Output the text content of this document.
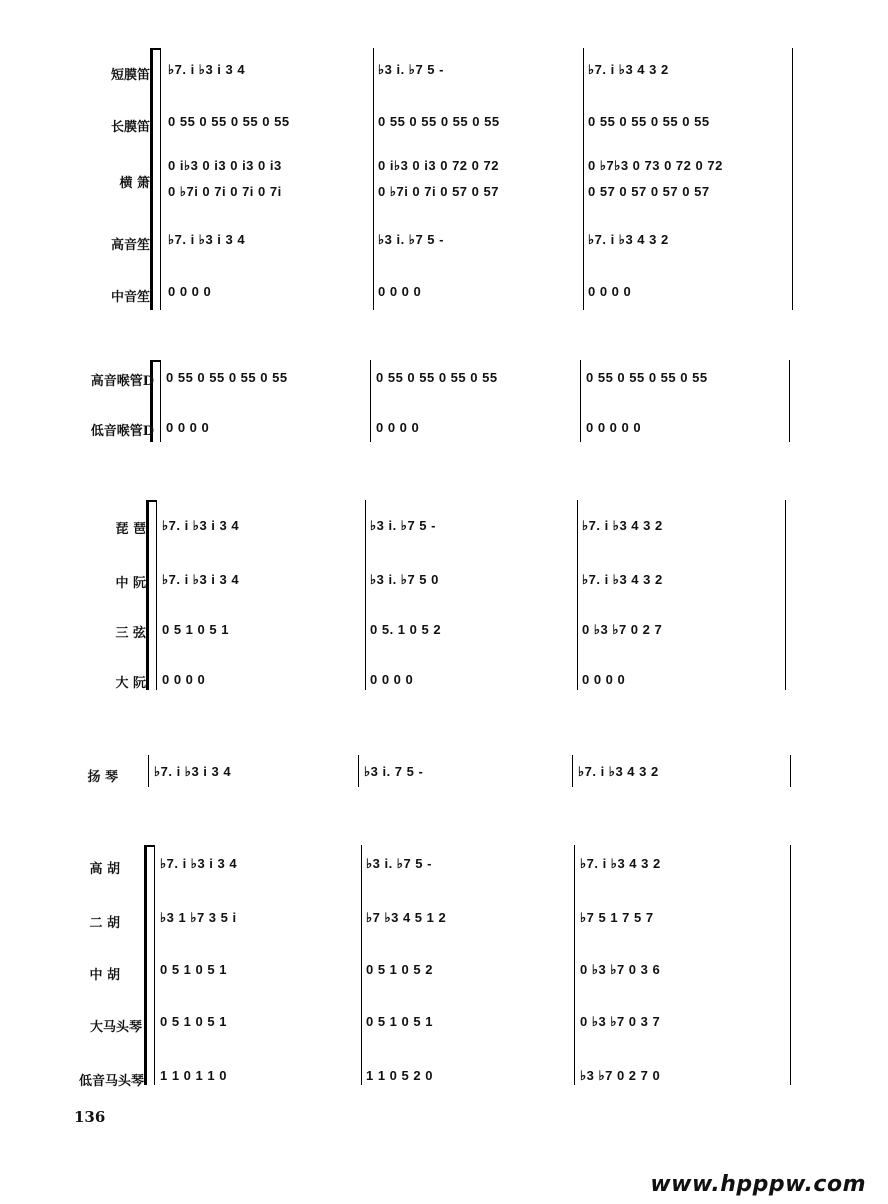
短膜笛 ♭7. i ♭3 i 3 4	♭3 i. ♭7 5 -	♭7. i ♭3 4 3 2
长膜笛 0 55 0 55 0 55 0 55	0 55 0 55 0 55 0 55	0 55 0 55 0 55 0 55
横 箫
0 i♭3 0 i3 0 i3 0 i3	0 i♭3 0 i3 0 72 0 72	0 ♭7♭3 0 73 0 72 0 72
0 ♭7i 0 7i 0 7i 0 7i	0 ♭7i 0 7i 0 57 0 57	0 57 0 57 0 57 0 57
高音笙 ♭7. i ♭3 i 3 4	♭3 i. ♭7 5 -	♭7. i ♭3 4 3 2
中音笙 0 0 0 0	0 0 0 0	0 0 0 0
高音喉管D 0 55 0 55 0 55 0 55	0 55 0 55 0 55 0 55	0 55 0 55 0 55 0 55
低音喉管D 0 0 0 0	0 0 0 0	0 0 0 0 0
琵 琶 ♭7. i ♭3 i 3 4	♭3 i. ♭7 5 -	♭7. i ♭3 4 3 2
中 阮 ♭7. i ♭3 i 3 4	♭3 i. ♭7 5 0	♭7. i ♭3 4 3 2
三 弦 0 5 1 0 5 1	0 5. 1 0 5 2	0 ♭3 ♭7 0 2 7
大 阮 0 0 0 0	0 0 0 0	0 0 0 0
扬 琴	♭7. i ♭3 i 3 4	♭3 i. 7 5 -	♭7. i ♭3 4 3 2
高 胡	♭7. i ♭3 i 3 4	♭3 i. ♭7 5 -	♭7. i ♭3 4 3 2
二 胡	♭3 1 ♭7 3 5 i	♭7 ♭3 4 5 1 2	♭7 5 1 7 5 7
中 胡	0 5 1 0 5 1	0 5 1 0 5 2	0 ♭3 ♭7 0 3 6
大马头琴 0 5 1 0 5 1	0 5 1 0 5 1	0 ♭3 ♭7 0 3 7
低音马头琴 1 1 0 1 1 0	1 1 0 5 2 0	♭3 ♭7 0 2 7 0
136
www.hpppw.com
